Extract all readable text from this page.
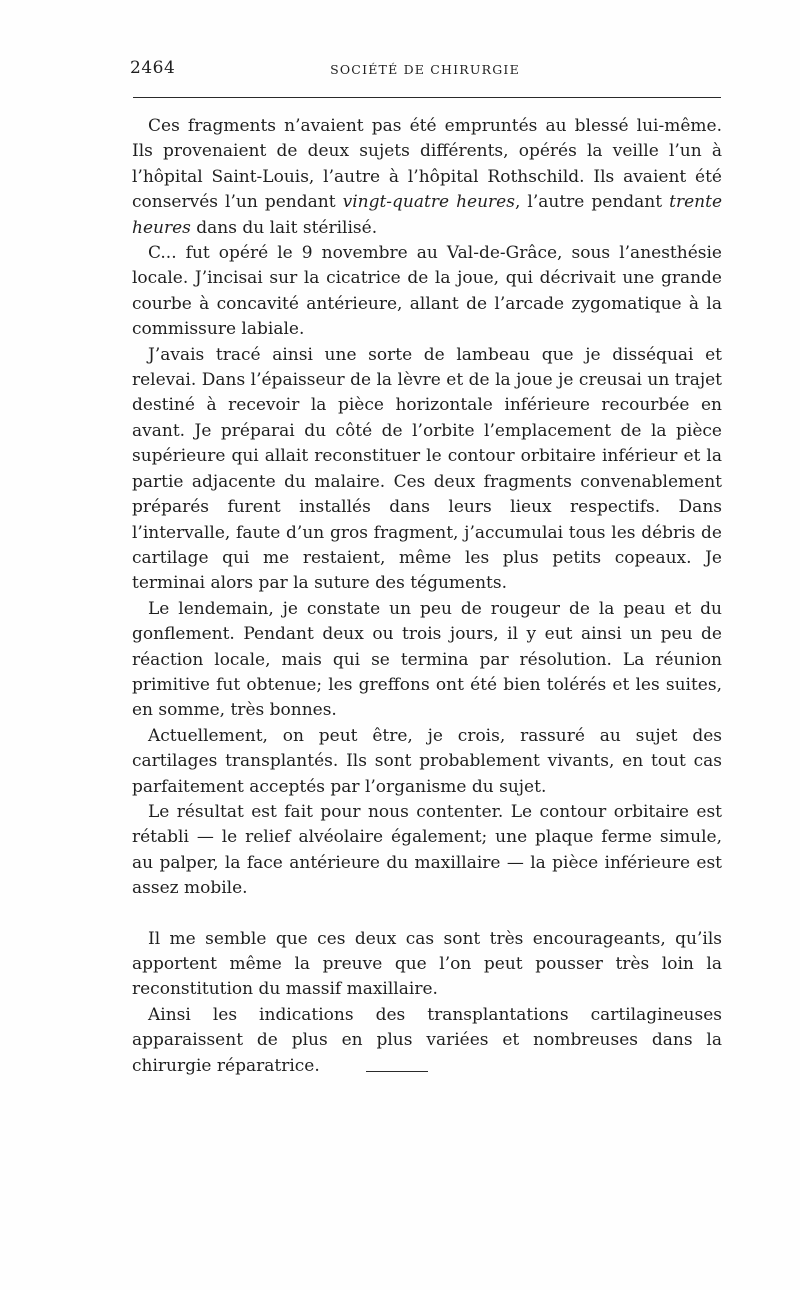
2464	SOCIÉTÉ DE CHIRURGIE

Ces fragments n’avaient pas été empruntés au blessé lui-même. Ils provenaient de deux sujets différents, opérés la veille l’un à l’hôpital Saint-Louis, l’autre à l’hôpital Rothschild. Ils avaient été conservés l’un pendant vingt-quatre heures, l’autre pendant trente heures dans du lait stérilisé.

C... fut opéré le 9 novembre au Val-de-Grâce, sous l’anesthésie locale. J’incisai sur la cicatrice de la joue, qui décrivait une grande courbe à concavité antérieure, allant de l’arcade zygomatique à la commissure labiale.

J’avais tracé ainsi une sorte de lambeau que je disséquai et relevai. Dans l’épaisseur de la lèvre et de la joue je creusai un trajet destiné à recevoir la pièce horizontale inférieure recourbée en avant. Je préparai du côté de l’orbite l’emplacement de la pièce supérieure qui allait reconstituer le contour orbitaire inférieur et la partie adjacente du malaire. Ces deux fragments convenablement préparés furent installés dans leurs lieux respectifs. Dans l’intervalle, faute d’un gros fragment, j’accumulai tous les débris de cartilage qui me restaient, même les plus petits copeaux. Je terminai alors par la suture des téguments.

Le lendemain, je constate un peu de rougeur de la peau et du gonflement. Pendant deux ou trois jours, il y eut ainsi un peu de réaction locale, mais qui se termina par résolution. La réunion primitive fut obtenue; les greffons ont été bien tolérés et les suites, en somme, très bonnes.

Actuellement, on peut être, je crois, rassuré au sujet des cartilages transplantés. Ils sont probablement vivants, en tout cas parfaitement acceptés par l’organisme du sujet.

Le résultat est fait pour nous contenter. Le contour orbitaire est rétabli — le relief alvéolaire également; une plaque ferme simule, au palper, la face antérieure du maxillaire — la pièce inférieure est assez mobile.

Il me semble que ces deux cas sont très encourageants, qu’ils apportent même la preuve que l’on peut pousser très loin la reconstitution du massif maxillaire.

Ainsi les indications des transplantations cartilagineuses apparaissent de plus en plus variées et nombreuses dans la chirurgie réparatrice.
